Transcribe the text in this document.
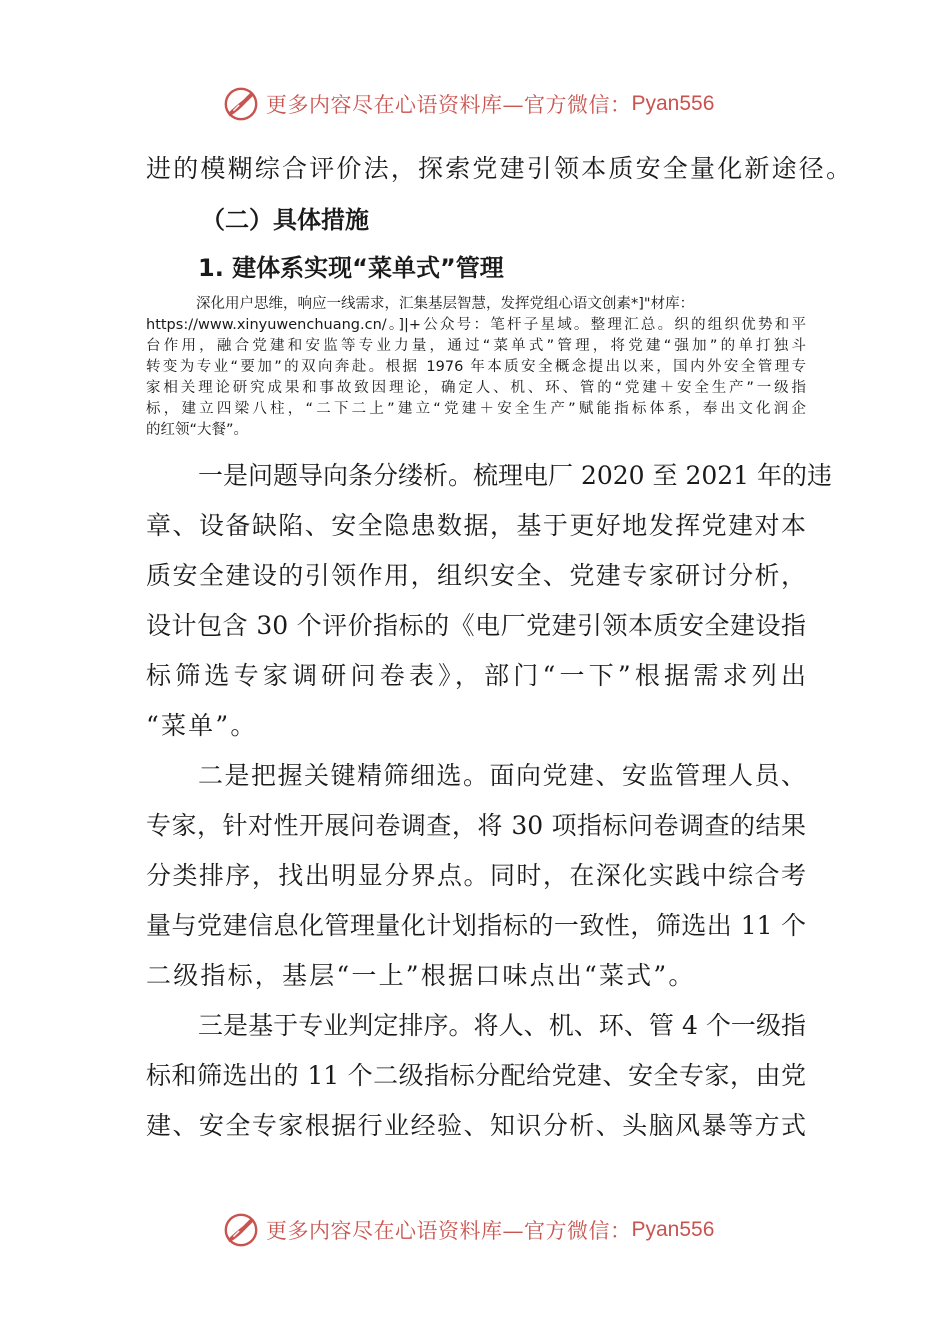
更多内容尽在心语资料库—官方微信： Pyan556
进的模糊综合评价法，探索党建引领本质安全量化新途径。
（二）具体措施
1. 建体系实现“菜单式”管理
深化用户思维，响应一线需求，汇集基层智慧，发挥党组心语文创素*]"材库：
https://www.xinyuwenchuang.cn/。]|+公众号：笔杆子星域。整理汇总。织的组织优势和平
台作用，融合党建和安监等专业力量，通过“菜单式”管理，将党建“强加”的单打独斗
转变为专业“要加”的双向奔赴。根据 1976 年本质安全概念提出以来，国内外安全管理专
家相关理论研究成果和事故致因理论，确定人、机、环、管的“党建＋安全生产”一级指
标，建立四梁八柱，“二下二上”建立“党建＋安全生产”赋能指标体系，奉出文化润企
的红领“大餐”。
一是问题导向条分缕析。梳理电厂 2020 至 2021 年的违
章、设备缺陷、安全隐患数据，基于更好地发挥党建对本
质安全建设的引领作用，组织安全、党建专家研讨分析，
设计包含 30 个评价指标的《电厂党建引领本质安全建设指
标筛选专家调研问卷表》，部门“一下”根据需求列出
“菜单”。
二是把握关键精筛细选。面向党建、安监管理人员、
专家，针对性开展问卷调查，将 30 项指标问卷调查的结果
分类排序，找出明显分界点。同时，在深化实践中综合考
量与党建信息化管理量化计划指标的一致性，筛选出 11 个
二级指标，基层“一上”根据口味点出“菜式”。
三是基于专业判定排序。将人、机、环、管 4 个一级指
标和筛选出的 11 个二级指标分配给党建、安全专家，由党
建、安全专家根据行业经验、知识分析、头脑风暴等方式
更多内容尽在心语资料库—官方微信： Pyan556
